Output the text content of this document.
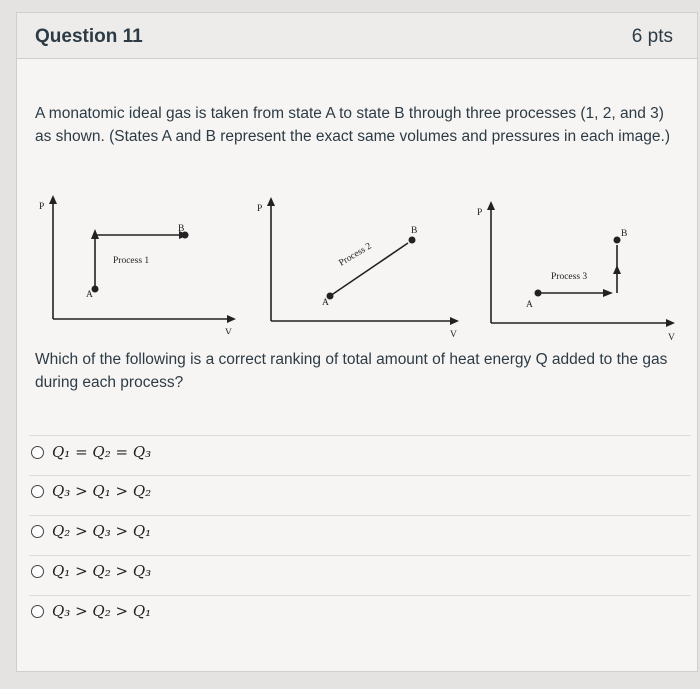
Question 11	6 pts
A monatomic ideal gas is taken from state A to state B through three processes (1, 2, and 3) as shown. (States A and B represent the exact same volumes and pressures in each image.)
P
V
Process 1
A
B
P
V
Process 2
A
B
P
V
Process 3
A
B
Which of the following is a correct ranking of total amount of heat energy Q added to the gas during each process?
Q₁ = Q₂ = Q₃
Q₃ > Q₁ > Q₂
Q₂ > Q₃ > Q₁
Q₁ > Q₂ > Q₃
Q₃ > Q₂ > Q₁
